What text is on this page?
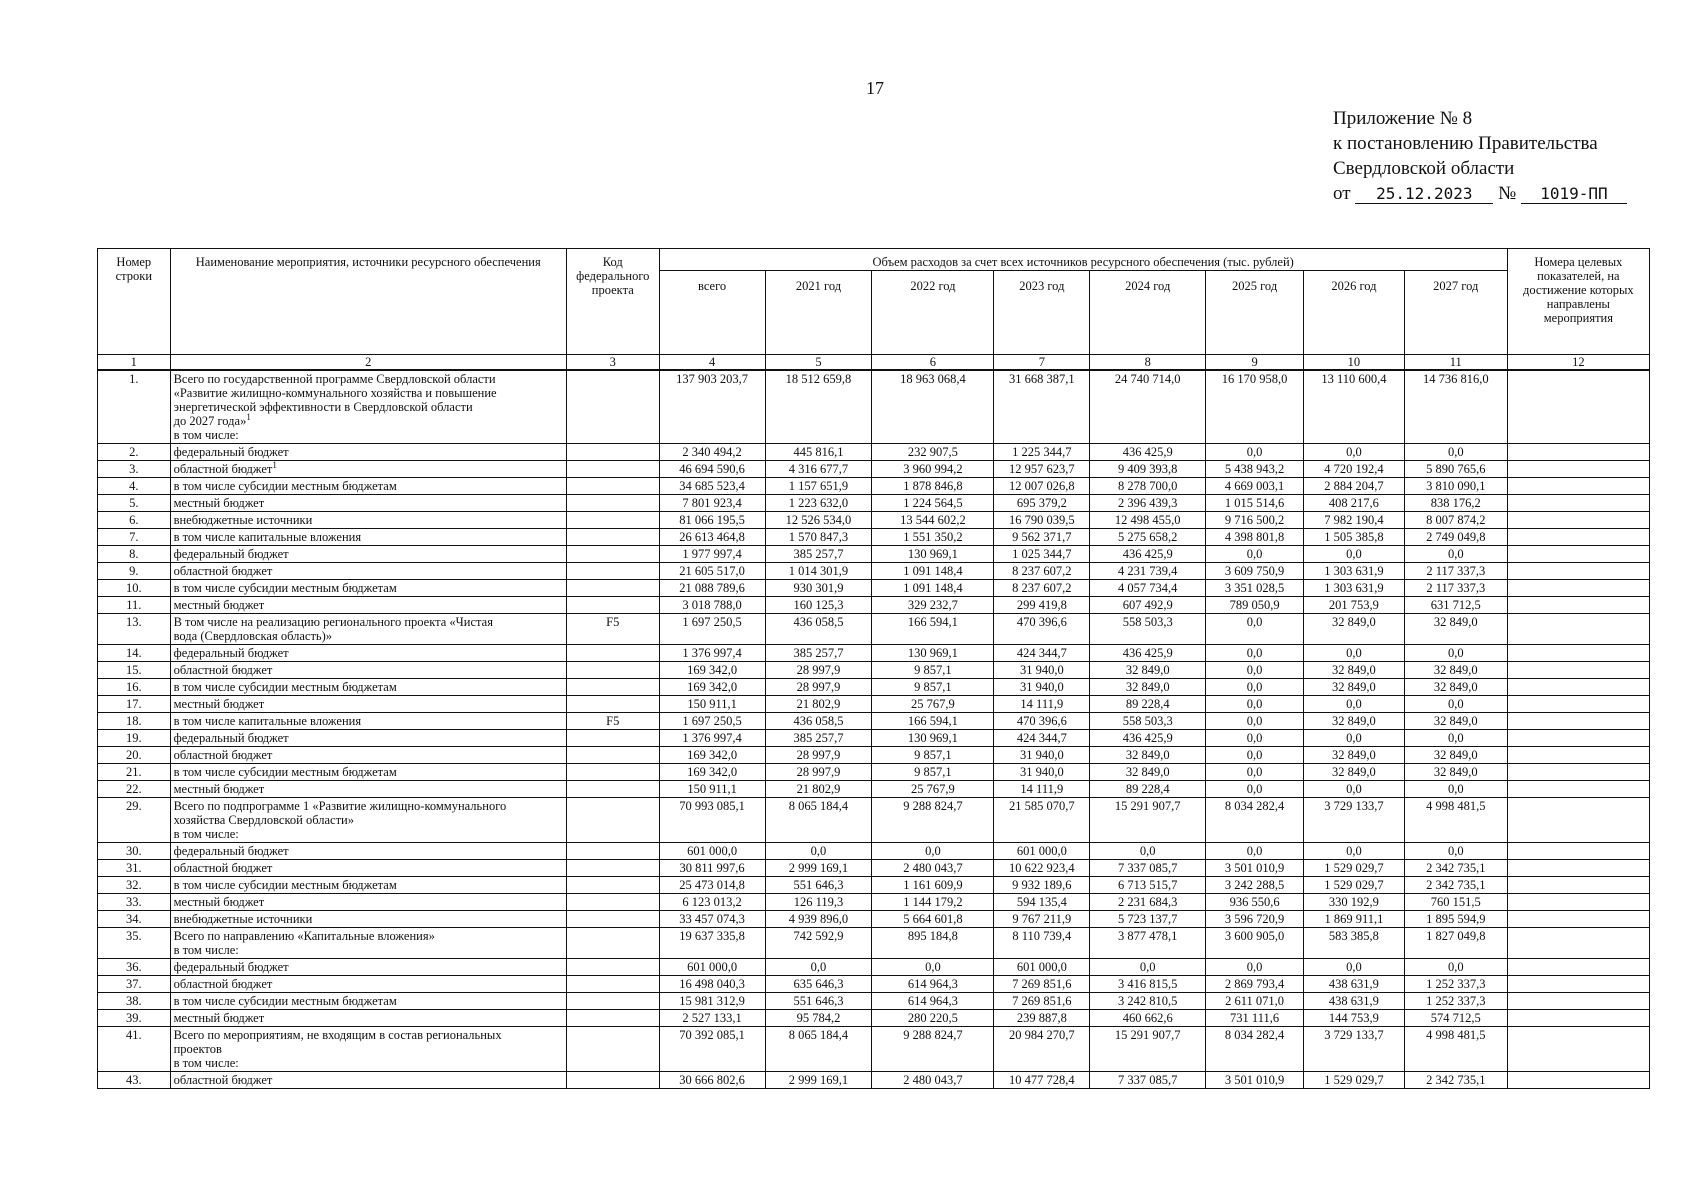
17
Приложение № 8
к постановлению Правительства
Свердловской области
от 25.12.2023 № 1019-ПП
Номер строки	Наименование мероприятия, источники ресурсного обеспечения	Код федерального проекта	Объем расходов за счет всех источников ресурсного обеспечения (тыс. рублей)								Номера целевых показателей, на достижение которых направлены мероприятия
			всего	2021 год	2022 год	2023 год	2024 год	2025 год	2026 год	2027 год	
1	2	3	4	5	6	7	8	9	10	11	12
1.	Всего по государственной программе Свердловской области
«Развитие жилищно-коммунального хозяйства и повышение
энергетической эффективности в Свердловской области
до 2027 года»$^1$
в том числе:		137 903 203,7	18 512 659,8	18 963 068,4	31 668 387,1	24 740 714,0	16 170 958,0	13 110 600,4	14 736 816,0	
2.	федеральный бюджет		2 340 494,2	445 816,1	232 907,5	1 225 344,7	436 425,9	0,0	0,0	0,0	
3.	областной бюджет$^1$		46 694 590,6	4 316 677,7	3 960 994,2	12 957 623,7	9 409 393,8	5 438 943,2	4 720 192,4	5 890 765,6	
4.	в том числе субсидии местным бюджетам		34 685 523,4	1 157 651,9	1 878 846,8	12 007 026,8	8 278 700,0	4 669 003,1	2 884 204,7	3 810 090,1	
5.	местный бюджет		7 801 923,4	1 223 632,0	1 224 564,5	695 379,2	2 396 439,3	1 015 514,6	408 217,6	838 176,2	
6.	внебюджетные источники		81 066 195,5	12 526 534,0	13 544 602,2	16 790 039,5	12 498 455,0	9 716 500,2	7 982 190,4	8 007 874,2	
7.	в том числе капитальные вложения		26 613 464,8	1 570 847,3	1 551 350,2	9 562 371,7	5 275 658,2	4 398 801,8	1 505 385,8	2 749 049,8	
8.	федеральный бюджет		1 977 997,4	385 257,7	130 969,1	1 025 344,7	436 425,9	0,0	0,0	0,0	
9.	областной бюджет		21 605 517,0	1 014 301,9	1 091 148,4	8 237 607,2	4 231 739,4	3 609 750,9	1 303 631,9	2 117 337,3	
10.	в том числе субсидии местным бюджетам		21 088 789,6	930 301,9	1 091 148,4	8 237 607,2	4 057 734,4	3 351 028,5	1 303 631,9	2 117 337,3	
11.	местный бюджет		3 018 788,0	160 125,3	329 232,7	299 419,8	607 492,9	789 050,9	201 753,9	631 712,5	
13.	В том числе на реализацию регионального проекта «Чистая
вода (Свердловская область)»	F5	1 697 250,5	436 058,5	166 594,1	470 396,6	558 503,3	0,0	32 849,0	32 849,0	
14.	федеральный бюджет		1 376 997,4	385 257,7	130 969,1	424 344,7	436 425,9	0,0	0,0	0,0	
15.	областной бюджет		169 342,0	28 997,9	9 857,1	31 940,0	32 849,0	0,0	32 849,0	32 849,0	
16.	в том числе субсидии местным бюджетам		169 342,0	28 997,9	9 857,1	31 940,0	32 849,0	0,0	32 849,0	32 849,0	
17.	местный бюджет		150 911,1	21 802,9	25 767,9	14 111,9	89 228,4	0,0	0,0	0,0	
18.	в том числе капитальные вложения	F5	1 697 250,5	436 058,5	166 594,1	470 396,6	558 503,3	0,0	32 849,0	32 849,0	
19.	федеральный бюджет		1 376 997,4	385 257,7	130 969,1	424 344,7	436 425,9	0,0	0,0	0,0	
20.	областной бюджет		169 342,0	28 997,9	9 857,1	31 940,0	32 849,0	0,0	32 849,0	32 849,0	
21.	в том числе субсидии местным бюджетам		169 342,0	28 997,9	9 857,1	31 940,0	32 849,0	0,0	32 849,0	32 849,0	
22.	местный бюджет		150 911,1	21 802,9	25 767,9	14 111,9	89 228,4	0,0	0,0	0,0	
29.	Всего по подпрограмме 1 «Развитие жилищно-коммунального
хозяйства Свердловской области»
в том числе:		70 993 085,1	8 065 184,4	9 288 824,7	21 585 070,7	15 291 907,7	8 034 282,4	3 729 133,7	4 998 481,5	
30.	федеральный бюджет		601 000,0	0,0	0,0	601 000,0	0,0	0,0	0,0	0,0	
31.	областной бюджет		30 811 997,6	2 999 169,1	2 480 043,7	10 622 923,4	7 337 085,7	3 501 010,9	1 529 029,7	2 342 735,1	
32.	в том числе субсидии местным бюджетам		25 473 014,8	551 646,3	1 161 609,9	9 932 189,6	6 713 515,7	3 242 288,5	1 529 029,7	2 342 735,1	
33.	местный бюджет		6 123 013,2	126 119,3	1 144 179,2	594 135,4	2 231 684,3	936 550,6	330 192,9	760 151,5	
34.	внебюджетные источники		33 457 074,3	4 939 896,0	5 664 601,8	9 767 211,9	5 723 137,7	3 596 720,9	1 869 911,1	1 895 594,9	
35.	Всего по направлению «Капитальные вложения»
в том числе:		19 637 335,8	742 592,9	895 184,8	8 110 739,4	3 877 478,1	3 600 905,0	583 385,8	1 827 049,8	
36.	федеральный бюджет		601 000,0	0,0	0,0	601 000,0	0,0	0,0	0,0	0,0	
37.	областной бюджет		16 498 040,3	635 646,3	614 964,3	7 269 851,6	3 416 815,5	2 869 793,4	438 631,9	1 252 337,3	
38.	в том числе субсидии местным бюджетам		15 981 312,9	551 646,3	614 964,3	7 269 851,6	3 242 810,5	2 611 071,0	438 631,9	1 252 337,3	
39.	местный бюджет		2 527 133,1	95 784,2	280 220,5	239 887,8	460 662,6	731 111,6	144 753,9	574 712,5	
41.	Всего по мероприятиям, не входящим в состав региональных
проектов
в том числе:		70 392 085,1	8 065 184,4	9 288 824,7	20 984 270,7	15 291 907,7	8 034 282,4	3 729 133,7	4 998 481,5	
43.	областной бюджет		30 666 802,6	2 999 169,1	2 480 043,7	10 477 728,4	7 337 085,7	3 501 010,9	1 529 029,7	2 342 735,1	
